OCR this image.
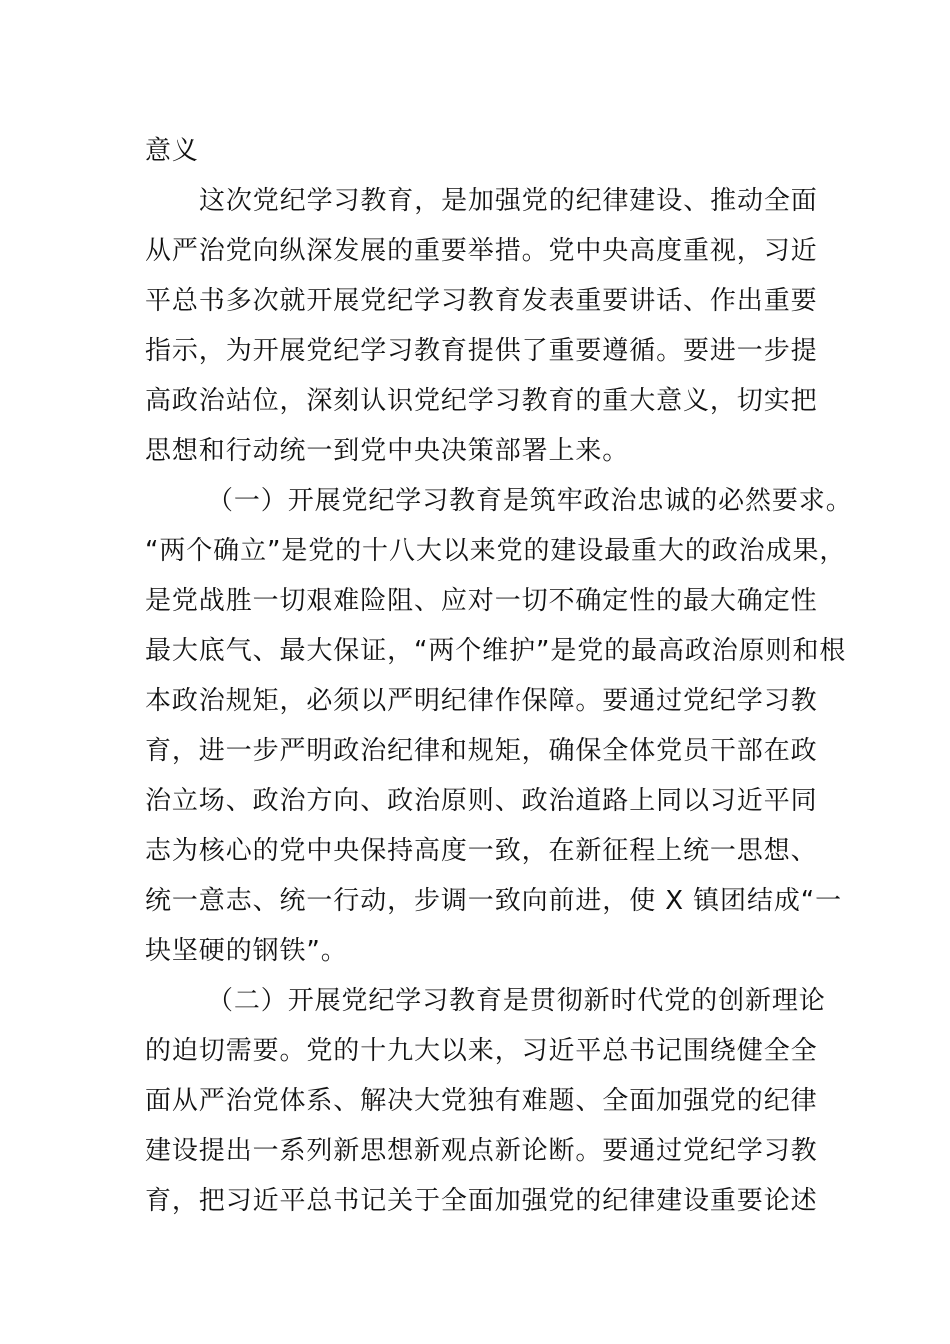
意义
这次党纪学习教育，是加强党的纪律建设、推动全面
从严治党向纵深发展的重要举措。党中央高度重视，习近
平总书多次就开展党纪学习教育发表重要讲话、作出重要
指示，为开展党纪学习教育提供了重要遵循。要进一步提
高政治站位，深刻认识党纪学习教育的重大意义，切实把
思想和行动统一到党中央决策部署上来。
（一）开展党纪学习教育是筑牢政治忠诚的必然要求。
“两个确立”是党的十八大以来党的建设最重大的政治成果，
是党战胜一切艰难险阻、应对一切不确定性的最大确定性
最大底气、最大保证，“两个维护”是党的最高政治原则和根
本政治规矩，必须以严明纪律作保障。要通过党纪学习教
育，进一步严明政治纪律和规矩，确保全体党员干部在政
治立场、政治方向、政治原则、政治道路上同以习近平同
志为核心的党中央保持高度一致，在新征程上统一思想、
统一意志、统一行动，步调一致向前进，使 X 镇团结成“一
块坚硬的钢铁”。
（二）开展党纪学习教育是贯彻新时代党的创新理论
的迫切需要。党的十九大以来，习近平总书记围绕健全全
面从严治党体系、解决大党独有难题、全面加强党的纪律
建设提出一系列新思想新观点新论断。要通过党纪学习教
育，把习近平总书记关于全面加强党的纪律建设重要论述
